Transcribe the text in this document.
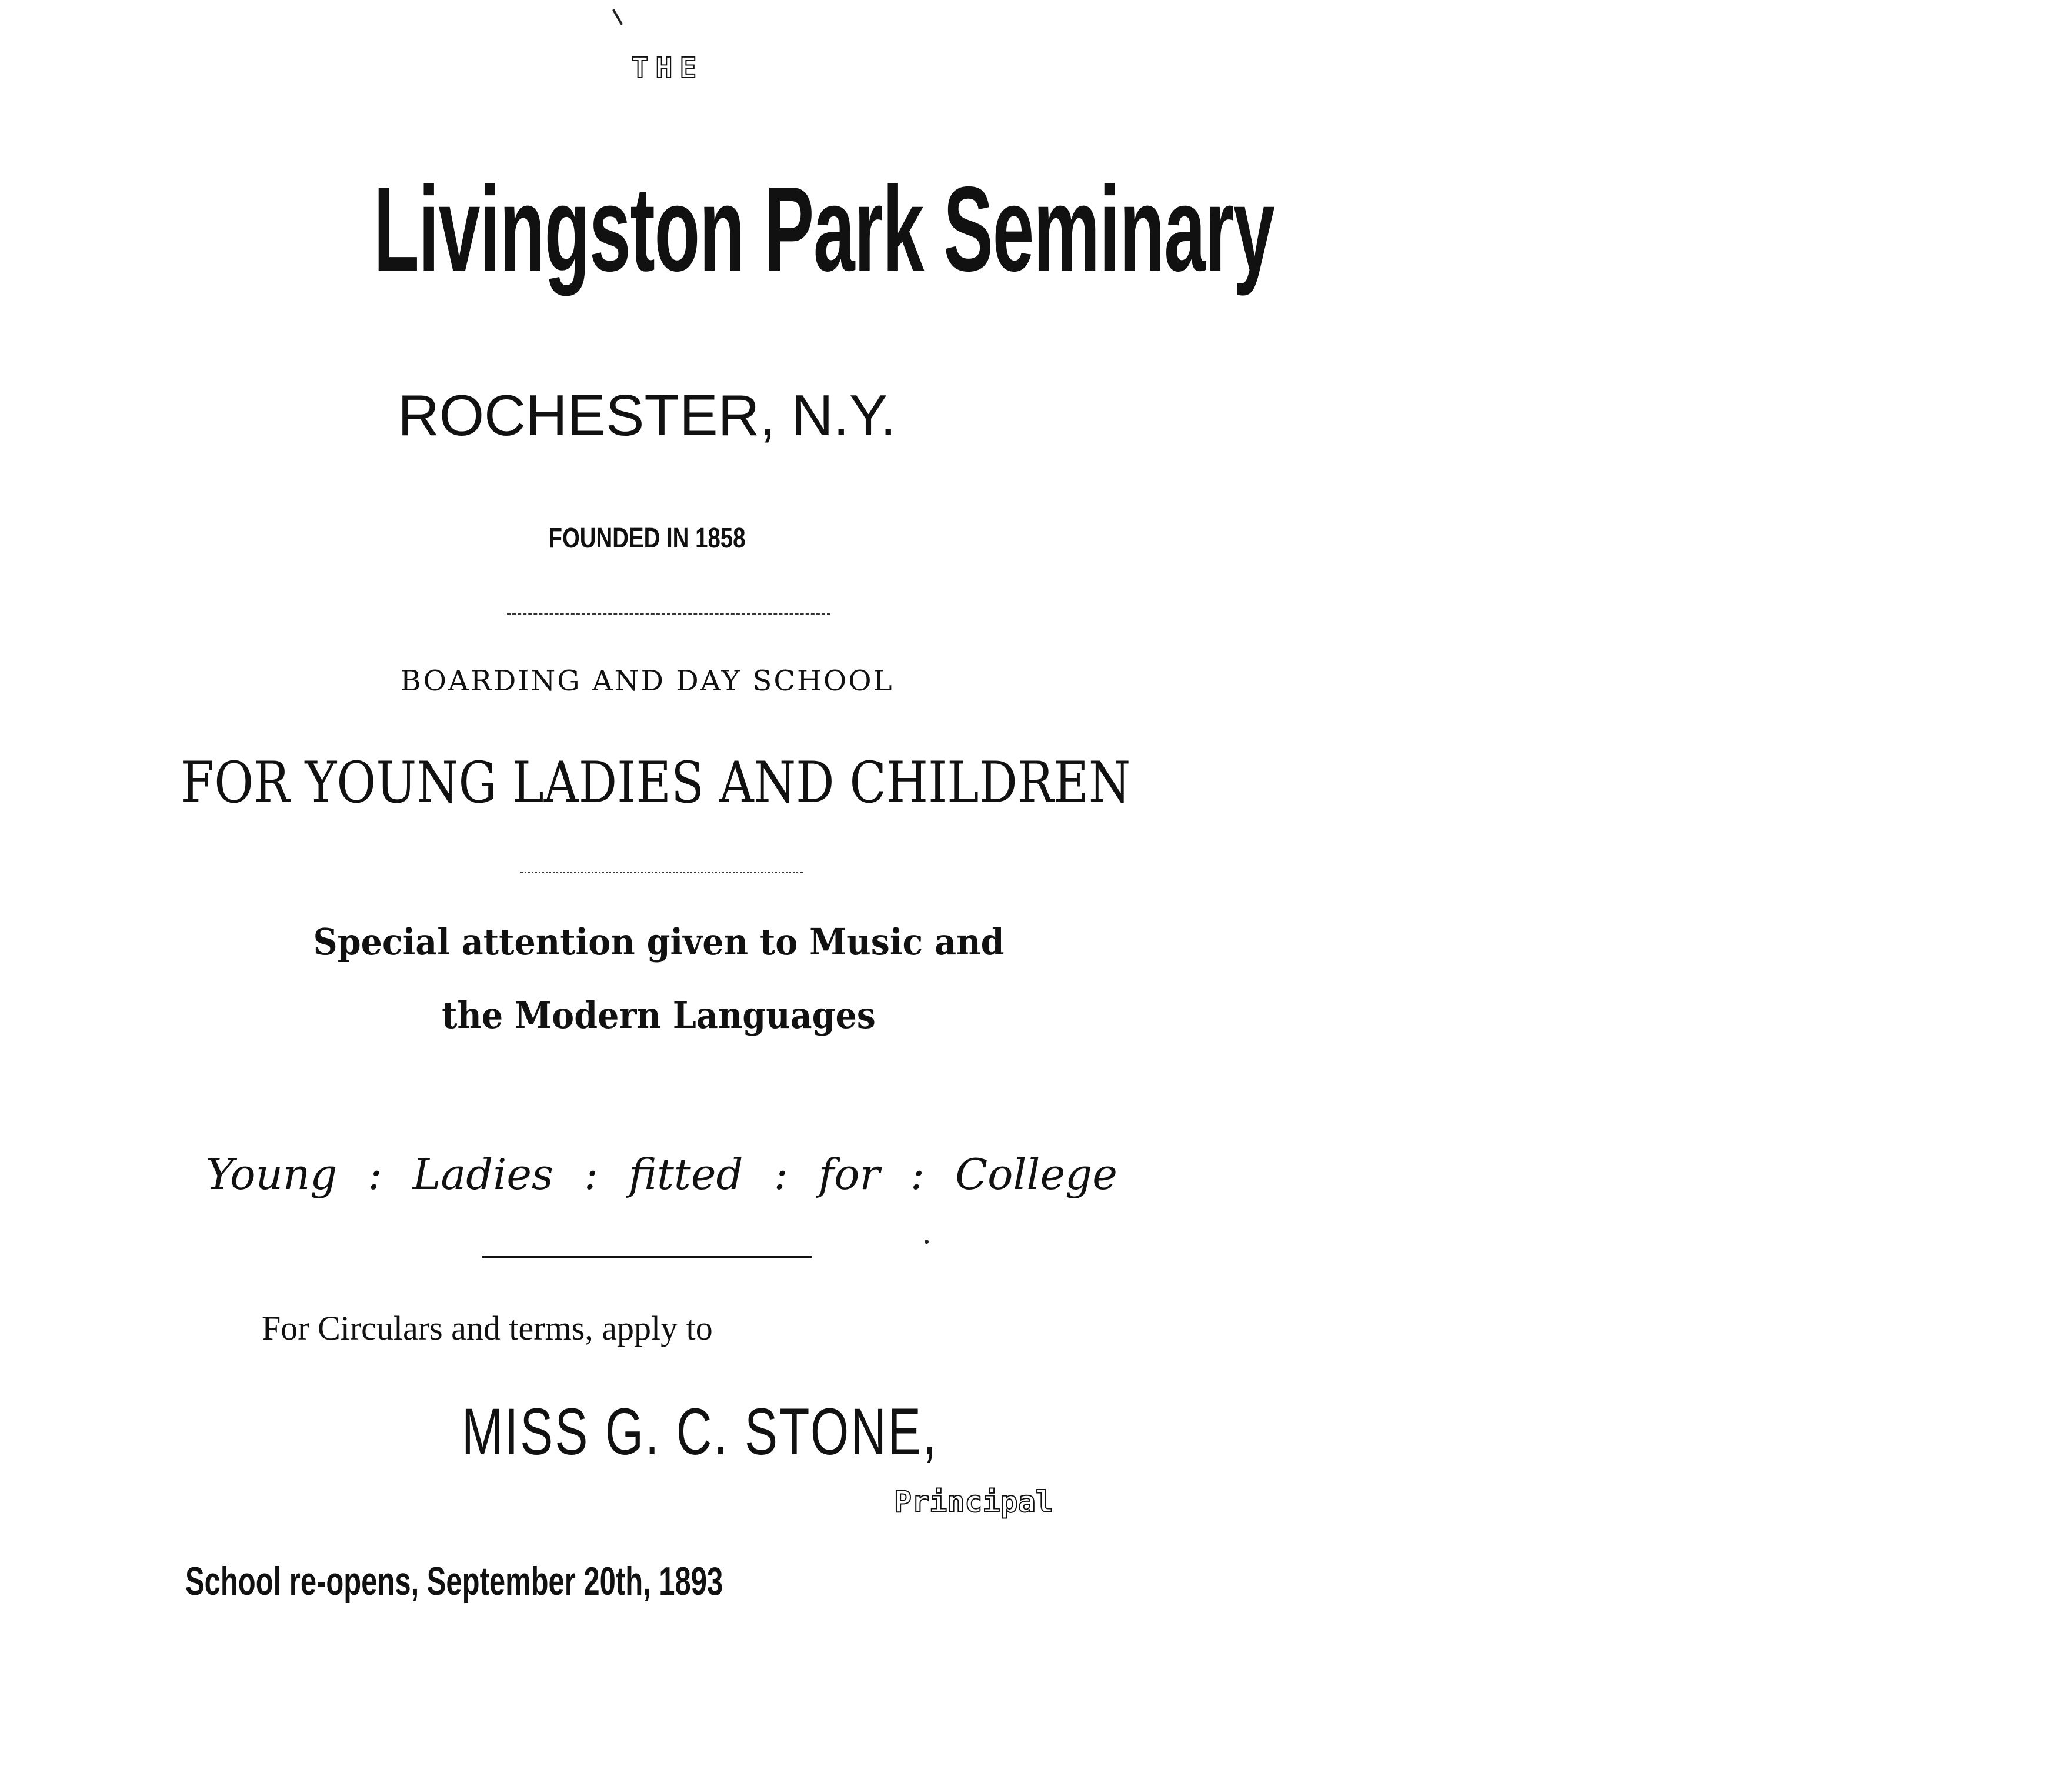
THE
Livingston Park Seminary
ROCHESTER, N.Y.
FOUNDED IN 1858
BOARDING AND DAY SCHOOL
FOR YOUNG LADIES AND CHILDREN
Special attention given to Music and
the Modern Languages
Young : Ladies : fitted : for : College
For Circulars and terms, apply to
MISS G. C. STONE,
Principal
School re-opens, September 20th, 1893
